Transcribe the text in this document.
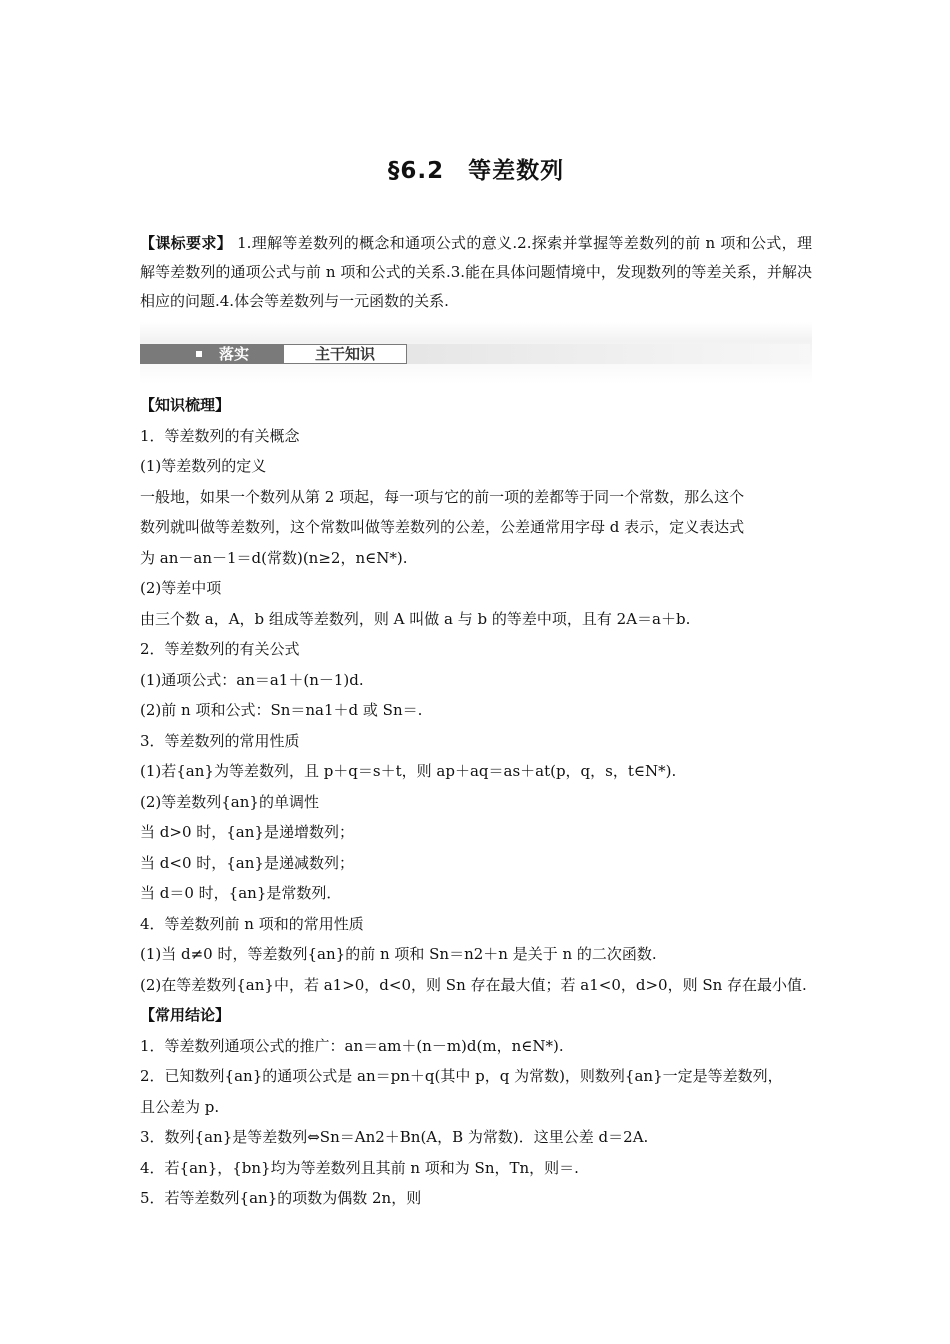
§6.2　等差数列
【课标要求】 1.理解等差数列的概念和通项公式的意义.2.探索并掌握等差数列的前 n 项和公式，理解等差数列的通项公式与前 n 项和公式的关系.3.能在具体问题情境中，发现数列的等差关系，并解决相应的问题.4.体会等差数列与一元函数的关系.
落实	主干知识
【知识梳理】
1．等差数列的有关概念
(1)等差数列的定义
一般地，如果一个数列从第 2 项起，每一项与它的前一项的差都等于同一个常数，那么这个
数列就叫做等差数列，这个常数叫做等差数列的公差，公差通常用字母 d 表示，定义表达式
为 an－an－1＝d(常数)(n≥2，n∈N*).
(2)等差中项
由三个数 a，A，b 组成等差数列，则 A 叫做 a 与 b 的等差中项，且有 2A＝a＋b.
2．等差数列的有关公式
(1)通项公式：an＝a1＋(n－1)d.
(2)前 n 项和公式：Sn＝na1＋d 或 Sn＝.
3．等差数列的常用性质
(1)若{an}为等差数列，且 p＋q＝s＋t，则 ap＋aq＝as＋at(p，q，s，t∈N*).
(2)等差数列{an}的单调性
当 d>0 时，{an}是递增数列；
当 d<0 时，{an}是递减数列；
当 d＝0 时，{an}是常数列．
4．等差数列前 n 项和的常用性质
(1)当 d≠0 时，等差数列{an}的前 n 项和 Sn＝n2＋n 是关于 n 的二次函数.
(2)在等差数列{an}中，若 a1>0，d<0，则 Sn 存在最大值；若 a1<0，d>0，则 Sn 存在最小值.
【常用结论】
1．等差数列通项公式的推广：an＝am＋(n－m)d(m，n∈N*).
2．已知数列{an}的通项公式是 an＝pn＋q(其中 p，q 为常数)，则数列{an}一定是等差数列，
且公差为 p.
3．数列{an}是等差数列⇔Sn＝An2＋Bn(A，B 为常数)．这里公差 d＝2A.
4．若{an}，{bn}均为等差数列且其前 n 项和为 Sn，Tn，则＝.
5．若等差数列{an}的项数为偶数 2n，则
